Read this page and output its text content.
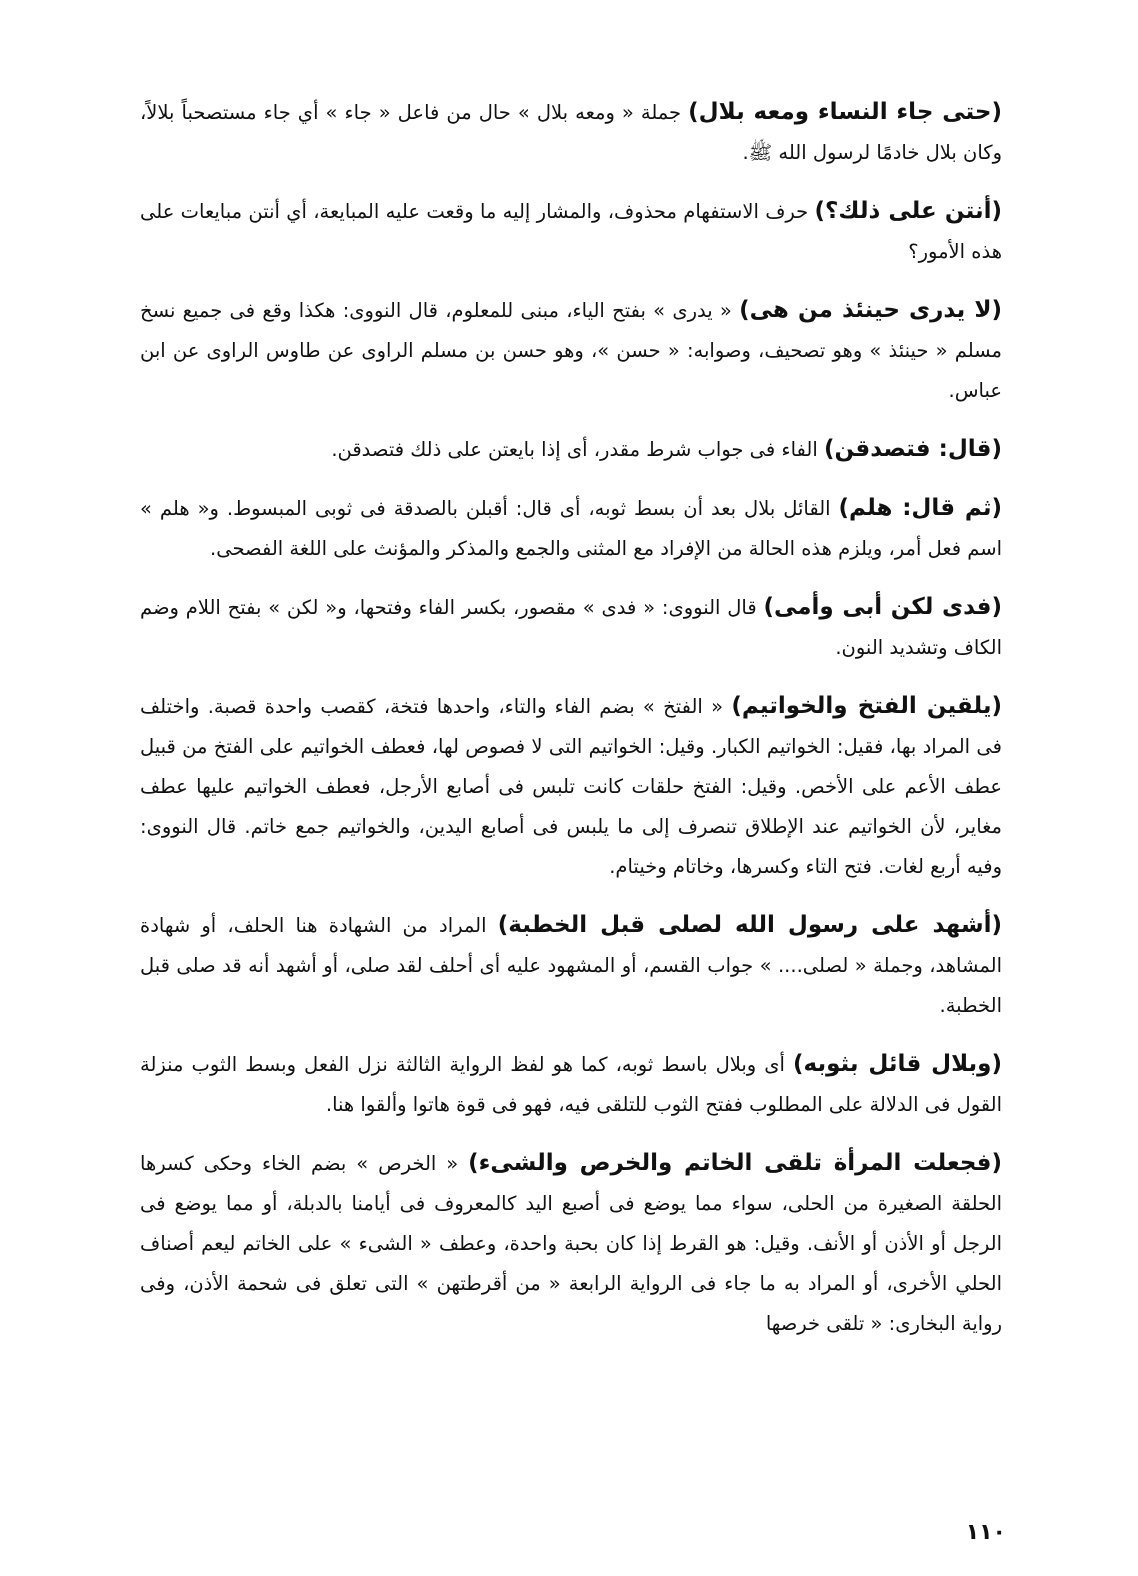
(حتى جاء النساء ومعه بلال) جملة « ومعه بلال » حال من فاعل « جاء » أي جاء مستصحباً بلالاً، وكان بلال خادمًا لرسول الله ﷺ.

(أنتن على ذلك؟) حرف الاستفهام محذوف، والمشار إليه ما وقعت عليه المبايعة، أي أنتن مبايعات على هذه الأمور؟

(لا يدرى حينئذ من هى) « يدرى » بفتح الياء، مبنى للمعلوم، قال النووى: هكذا وقع فى جميع نسخ مسلم « حينئذ » وهو تصحيف، وصوابه: « حسن »، وهو حسن بن مسلم الراوى عن طاوس الراوى عن ابن عباس.

(قال: فتصدقن) الفاء فى جواب شرط مقدر، أى إذا بايعتن على ذلك فتصدقن.

(ثم قال: هلم) القائل بلال بعد أن بسط ثوبه، أى قال: أقبلن بالصدقة فى ثوبى المبسوط. و« هلم » اسم فعل أمر، ويلزم هذه الحالة من الإفراد مع المثنى والجمع والمذكر والمؤنث على اللغة الفصحى.

(فدى لكن أبى وأمى) قال النووى: « فدى » مقصور، بكسر الفاء وفتحها، و« لكن » بفتح اللام وضم الكاف وتشديد النون.

(يلقين الفتخ والخواتيم) « الفتخ » بضم الفاء والتاء، واحدها فتخة، كقصب واحدة قصبة. واختلف فى المراد بها، فقيل: الخواتيم الكبار. وقيل: الخواتيم التى لا فصوص لها، فعطف الخواتيم على الفتخ من قبيل عطف الأعم على الأخص. وقيل: الفتخ حلقات كانت تلبس فى أصابع الأرجل، فعطف الخواتيم عليها عطف مغاير، لأن الخواتيم عند الإطلاق تنصرف إلى ما يلبس فى أصابع اليدين، والخواتيم جمع خاتم. قال النووى: وفيه أربع لغات. فتح التاء وكسرها، وخاتام وخيتام.

(أشهد على رسول الله لصلى قبل الخطبة) المراد من الشهادة هنا الحلف، أو شهادة المشاهد، وجملة « لصلى.... » جواب القسم، أو المشهود عليه أى أحلف لقد صلى، أو أشهد أنه قد صلى قبل الخطبة.

(وبلال قائل بثوبه) أى وبلال باسط ثوبه، كما هو لفظ الرواية الثالثة نزل الفعل وبسط الثوب منزلة القول فى الدلالة على المطلوب ففتح الثوب للتلقى فيه، فهو فى قوة هاتوا وألقوا هنا.

(فجعلت المرأة تلقى الخاتم والخرص والشىء) « الخرص » بضم الخاء وحكى كسرها الحلقة الصغيرة من الحلى، سواء مما يوضع فى أصبع اليد كالمعروف فى أيامنا بالدبلة، أو مما يوضع فى الرجل أو الأذن أو الأنف. وقيل: هو القرط إذا كان بحبة واحدة، وعطف « الشىء » على الخاتم ليعم أصناف الحلي الأخرى، أو المراد به ما جاء فى الرواية الرابعة « من أقرطتهن » التى تعلق فى شحمة الأذن، وفى رواية البخارى: « تلقى خرصها

١١٠
